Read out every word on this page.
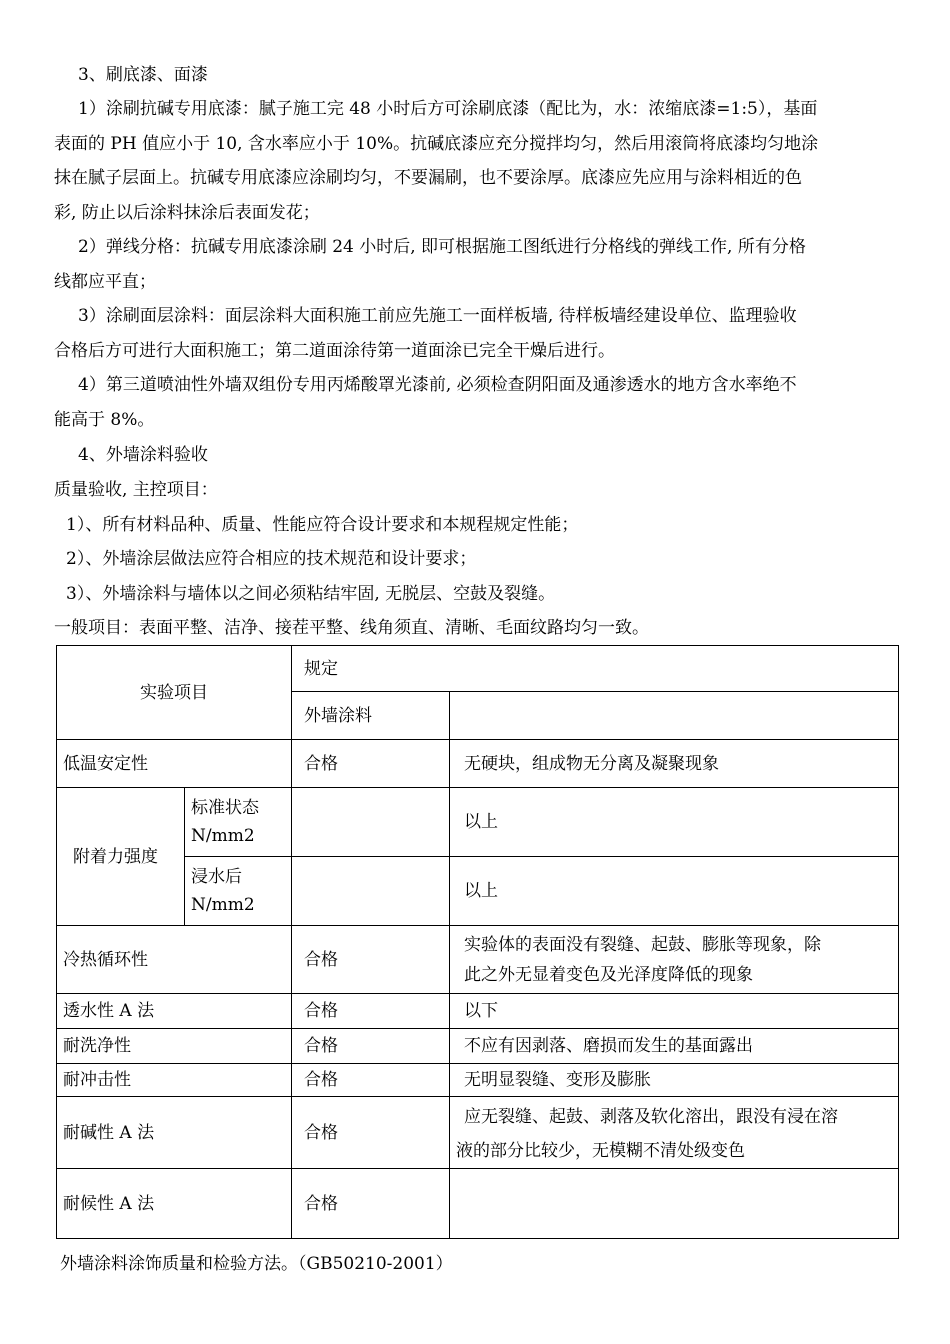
3、刷底漆、面漆
1）涂刷抗碱专用底漆：腻子施工完 48 小时后方可涂刷底漆（配比为，水：浓缩底漆=1:5），基面
表面的 PH 值应小于 10, 含水率应小于 10%。抗碱底漆应充分搅拌均匀，然后用滚筒将底漆均匀地涂
抹在腻子层面上。抗碱专用底漆应涂刷均匀，不要漏刷，也不要涂厚。底漆应先应用与涂料相近的色
彩, 防止以后涂料抹涂后表面发花；
2）弹线分格：抗碱专用底漆涂刷 24 小时后, 即可根据施工图纸进行分格线的弹线工作, 所有分格
线都应平直；
3）涂刷面层涂料：面层涂料大面积施工前应先施工一面样板墙, 待样板墙经建设单位、监理验收
合格后方可进行大面积施工；第二道面涂待第一道面涂已完全干燥后进行。
4）第三道喷油性外墙双组份专用丙烯酸罩光漆前, 必须检查阴阳面及通渗透水的地方含水率绝不
能高于 8%。
4、外墙涂料验收
质量验收, 主控项目：
1）、所有材料品种、质量、性能应符合设计要求和本规程规定性能；
2）、外墙涂层做法应符合相应的技术规范和设计要求；
3）、外墙涂料与墙体以之间必须粘结牢固, 无脱层、空鼓及裂缝。
一般项目：表面平整、洁净、接茬平整、线角须直、清晰、毛面纹路均匀一致。
实验项目		规定	
		外墙涂料	
低温安定性		合格	无硬块，组成物无分离及凝聚现象
附着力强度	标准状态
N/mm2		以上

	浸水后
N/mm2		以上
冷热循环性		合格	实验体的表面没有裂缝、起鼓、膨胀等现象，除
此之外无显着变色及光泽度降低的现象

透水性 A 法		合格	以下
耐洗净性		合格	不应有因剥落、磨损而发生的基面露出
耐冲击性		合格	无明显裂缝、变形及膨胀
耐碱性 A 法		合格	应无裂缝、起鼓、剥落及软化溶出，跟没有浸在溶
液的部分比较少，无模糊不清处级变色

耐候性 A 法		合格	
外墙涂料涂饰质量和检验方法。（GB50210-2001）
